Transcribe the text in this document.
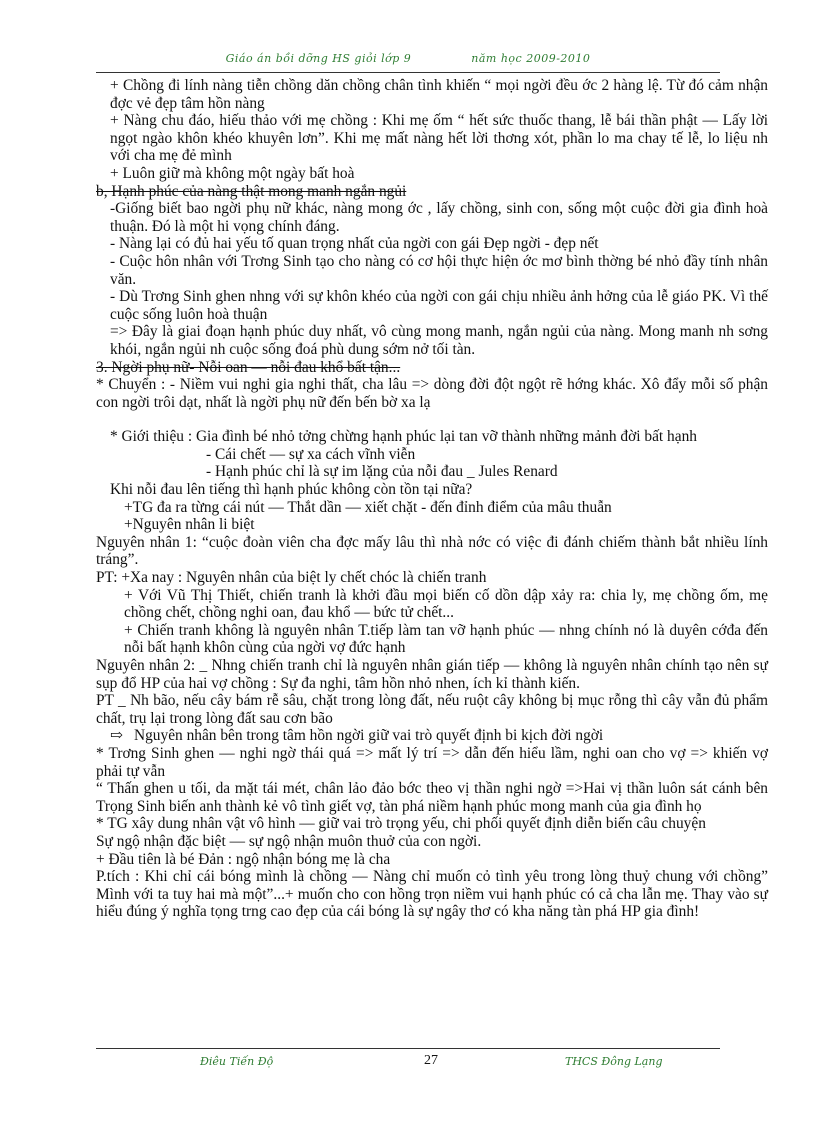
Giáo án bồi dỡng HS giỏi lớp 9	năm học 2009-2010

+ Chồng đi lính nàng tiễn chồng dăn chồng chân tình khiến “ mọi ngời đều ớc 2 hàng lệ. Từ đó cảm nhận đợc vẻ đẹp tâm hồn nàng

+ Nàng chu đáo, hiếu thảo với mẹ chồng : Khi mẹ ốm “ hết sức thuốc thang, lễ bái thần phật — Lấy lời ngọt ngào khôn khéo khuyên lơn”. Khi mẹ mất nàng hết lời thơng xót, phần lo ma chay tế lễ, lo liệu nh với cha mẹ đẻ mình

+ Luôn giữ mà không một ngày bất hoà

b, Hạnh phúc của nàng thật mong manh ngắn ngủi

-Giống biết bao ngời phụ nữ khác, nàng mong ớc , lấy chồng, sinh con, sống một cuộc đời gia đình hoà thuận. Đó là một hi vọng chính đáng.

- Nàng lại có đủ hai yếu tố quan trọng nhất của ngời con gái Đẹp ngời - đẹp nết

- Cuộc hôn nhân với Trơng Sinh tạo cho nàng có cơ hội thực hiện ớc mơ bình thờng bé nhỏ đầy tính nhân văn.

- Dù Trơng Sinh ghen nhng với sự khôn khéo của ngời con gái chịu nhiều ảnh hởng của lễ giáo PK. Vì thế cuộc sống luôn hoà thuận

=> Đây là giai đoạn hạnh phúc duy nhất, vô cùng mong manh, ngắn ngủi của nàng. Mong manh nh sơng khói, ngắn ngủi nh cuộc sống đoá phù dung sớm nở tối tàn.

3. Ngời phụ nữ- Nỗi oan — nỗi đau khổ bất tận...

* Chuyển : - Niềm vui nghi gia nghi thất, cha lâu => dòng đời đột ngột rẽ hớng khác. Xô đẩy mỗi số phận con ngời trôi dạt, nhất là ngời phụ nữ đến bến bờ xa lạ

* Giới thiệu : Gia đình bé nhỏ tởng chừng hạnh phúc lại tan vỡ thành những mảnh đời bất hạnh

- Cái chết — sự xa cách vĩnh viễn

- Hạnh phúc chỉ là sự im lặng của nỗi đau _ Jules Renard

Khi nỗi đau lên tiếng thì hạnh phúc không còn tồn tại nữa?

+TG đa ra từng cái nút — Thắt dần — xiết chặt - đến đỉnh điểm của mâu thuẫn

+Nguyên nhân li biệt

Nguyên nhân 1: “cuộc đoàn viên cha đợc mấy lâu thì nhà nớc có việc đi đánh chiếm thành bắt nhiều lính tráng”.

PT: +Xa nay : Nguyên nhân của biệt ly chết chóc là chiến tranh

+ Với Vũ Thị Thiết, chiến tranh là khởi đầu mọi biến cố dồn dập xảy ra: chia ly, mẹ chồng ốm, mẹ chồng chết, chồng nghi oan, đau khổ — bức tử chết...

+ Chiến tranh không là nguyên nhân T.tiếp làm tan vỡ hạnh phúc — nhng chính nó là duyên cớđa đến nỗi bất hạnh khôn cùng của ngời vợ đức hạnh

Nguyên nhân 2: _ Nhng chiến tranh chỉ là nguyên nhân gián tiếp — không là nguyên nhân chính tạo nên sự sụp đổ HP của hai vợ chồng : Sự đa nghi, tâm hồn nhỏ nhen, ích kỉ thành kiến.

PT _ Nh bão, nếu cây bám rễ sâu, chặt trong lòng đất, nếu ruột cây không bị mục rỗng thì cây vẫn đủ phẩm chất, trụ lại trong lòng đất sau cơn bão

⇨ Nguyên nhân bên trong tâm hồn ngời giữ vai trò quyết định bi kịch đời ngời

* Trơng Sinh ghen — nghi ngờ thái quá => mất lý trí => dẫn đến hiểu lầm, nghi oan cho vợ => khiến vợ phải tự vẫn

“ Thấn ghen u tối, da mặt tái mét, chân lảo đảo bớc theo vị thần nghi ngờ =>Hai vị thần luôn sát cánh bên Trọng Sinh biến anh thành kẻ vô tình giết vợ, tàn phá niềm hạnh phúc mong manh của gia đình họ

* TG xây dung nhân vật vô hình — giữ vai trò trọng yếu, chi phối quyết định diễn biến câu chuyện

Sự ngộ nhận đặc biệt — sự ngộ nhận muôn thuở của con ngời.

+ Đầu tiên là bé Đản : ngộ nhận bóng mẹ là cha

P.tích : Khi chỉ cái bóng mình là chồng — Nàng chỉ muốn cỏ tình yêu trong lòng thuỷ chung với chồng” Mình với ta tuy hai mà một”...+ muốn cho con hồng trọn niềm vui hạnh phúc có cả cha lẫn mẹ. Thay vào sự hiểu đúng ý nghĩa tọng trng cao đẹp của cái bóng là sự ngây thơ có kha năng tàn phá HP gia đình!

Điêu Tiến Độ	27	THCS Đông Lạng
